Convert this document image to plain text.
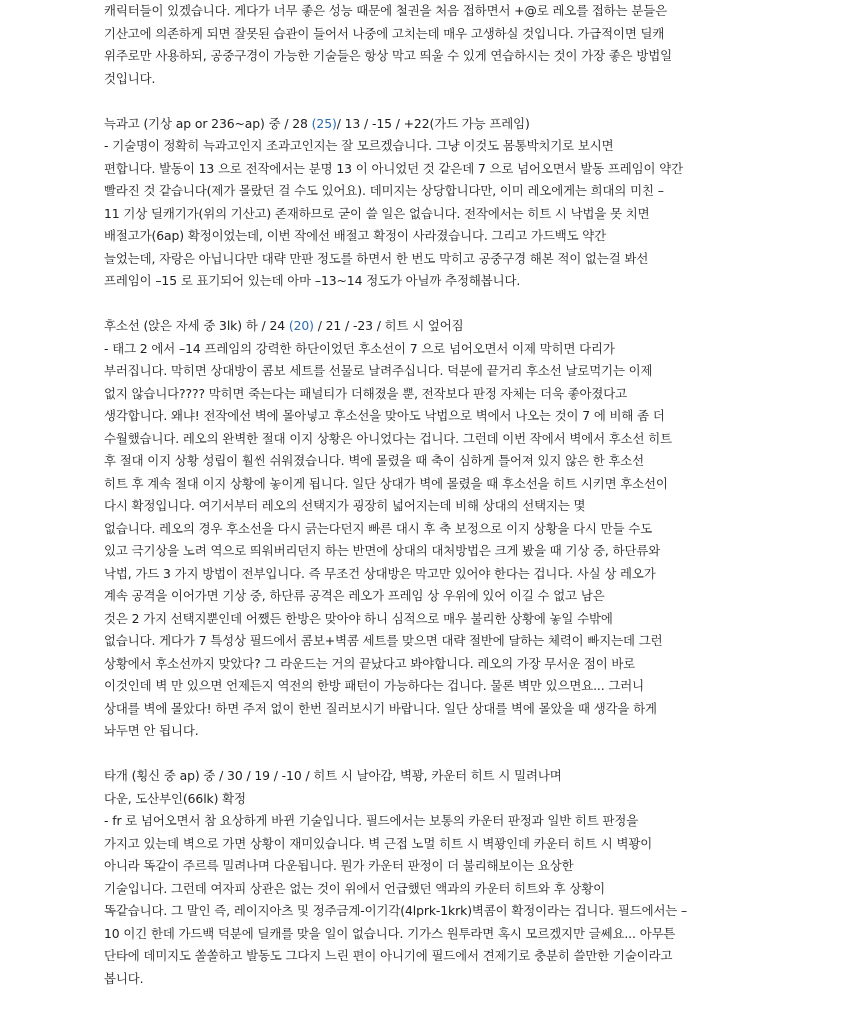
캐릭터들이 있겠습니다. 게다가 너무 좋은 성능 때문에 철권을 처음 접하면서 +@로 레오를 접하는 분들은
기산고에 의존하게 되면 잘못된 습관이 들어서 나중에 고치는데 매우 고생하실 것입니다. 가급적이면 딜캐
위주로만 사용하되, 공중구경이 가능한 기술들은 항상 막고 띄울 수 있게 연습하시는 것이 가장 좋은 방법일
것입니다.
늑과고 (기상 ap or 236~ap) 중 / 28 (25)/ 13 / -15 / +22(가드 가능 프레임)
- 기술명이 정확히 늑과고인지 조과고인지는 잘 모르겠습니다. 그냥 이것도 몸통박치기로 보시면
편합니다. 발동이 13 으로 전작에서는 분명 13 이 아니었던 것 같은데 7 으로 넘어오면서 발동 프레임이 약간
빨라진 것 같습니다(제가 몰랐던 걸 수도 있어요). 데미지는 상당합니다만, 이미 레오에게는 희대의 미친 –
11 기상 딜캐기가(위의 기산고) 존재하므로 굳이 쓸 일은 없습니다. 전작에서는 히트 시 낙법을 못 치면
배절고가(6ap) 확정이었는데, 이번 작에선 배절고 확정이 사라졌습니다. 그리고 가드백도 약간
늘었는데, 자랑은 아닙니다만 대략 만판 정도를 하면서 한 번도 막히고 공중구경 해본 적이 없는걸 봐선
프레임이 –15 로 표기되어 있는데 아마 –13~14 정도가 아닐까 추정해봅니다.
후소선 (앉은 자세 중 3lk) 하 / 24 (20) / 21 / -23 / 히트 시 엎어짐
- 태그 2 에서 –14 프레임의 강력한 하단이었던 후소선이 7 으로 넘어오면서 이제 막히면 다리가
부러집니다. 막히면 상대방이 콤보 세트를 선물로 날려주십니다. 덕분에 끝거리 후소선 날로먹기는 이제
없지 않습니다???? 막히면 죽는다는 패널티가 더해졌을 뿐, 전작보다 판정 자체는 더욱 좋아졌다고
생각합니다. 왜냐! 전작에선 벽에 몰아넣고 후소선을 맞아도 낙법으로 벽에서 나오는 것이 7 에 비해 좀 더
수월했습니다. 레오의 완벽한 절대 이지 상황은 아니었다는 겁니다. 그런데 이번 작에서 벽에서 후소선 히트
후 절대 이지 상황 성립이 훨씬 쉬워졌습니다. 벽에 몰렸을 때 축이 심하게 틀어져 있지 않은 한 후소선
히트 후 계속 절대 이지 상황에 놓이게 됩니다. 일단 상대가 벽에 몰렸을 때 후소선을 히트 시키면 후소선이
다시 확정입니다. 여기서부터 레오의 선택지가 굉장히 넓어지는데 비해 상대의 선택지는 몇
없습니다. 레오의 경우 후소선을 다시 긁는다던지 빠른 대시 후 축 보정으로 이지 상황을 다시 만들 수도
있고 극기상을 노려 역으로 띄워버리던지 하는 반면에 상대의 대처방법은 크게 봤을 때 기상 중, 하단류와
낙법, 가드 3 가지 방법이 전부입니다. 즉 무조건 상대방은 막고만 있어야 한다는 겁니다. 사실 상 레오가
계속 공격을 이어가면 기상 중, 하단류 공격은 레오가 프레임 상 우위에 있어 이길 수 없고 남은
것은 2 가지 선택지뿐인데 어쨌든 한방은 맞아야 하니 심적으로 매우 불리한 상황에 놓일 수밖에
없습니다. 게다가 7 특성상 필드에서 콤보+벽콤 세트를 맞으면 대략 절반에 달하는 체력이 빠지는데 그런
상황에서 후소선까지 맞았다? 그 라운드는 거의 끝났다고 봐야합니다. 레오의 가장 무서운 점이 바로
이것인데 벽 만 있으면 언제든지 역전의 한방 패턴이 가능하다는 겁니다. 물론 벽만 있으면요... 그러니
상대를 벽에 몰았다! 하면 주저 없이 한번 질러보시기 바랍니다. 일단 상대를 벽에 몰았을 때 생각을 하게
놔두면 안 됩니다.
타개 (횡신 중 ap) 중 / 30 / 19 / -10 / 히트 시 날아감, 벽꽝, 카운터 히트 시 밀려나며
다운, 도산부인(66lk) 확정
- fr 로 넘어오면서 참 요상하게 바뀐 기술입니다. 필드에서는 보통의 카운터 판정과 일반 히트 판정을
가지고 있는데 벽으로 가면 상황이 재미있습니다. 벽 근접 노멀 히트 시 벽꽝인데 카운터 히트 시 벽꽝이
아니라 똑같이 주르륵 밀려나며 다운됩니다. 뭔가 카운터 판정이 더 불리해보이는 요상한
기술입니다. 그런데 여자피 상관은 없는 것이 위에서 언급했던 액과의 카운터 히트와 후 상황이
똑같습니다. 그 말인 즉, 레이지아츠 및 정주금계-이기각(4lprk-1krk)벽콤이 확정이라는 겁니다. 필드에서는 –
10 이긴 한데 가드백 덕분에 딜캐를 맞을 일이 없습니다. 기가스 원투라면 혹시 모르겠지만 글쎄요... 아무튼
단타에 데미지도 쏠쏠하고 발동도 그다지 느린 편이 아니기에 필드에서 견제기로 충분히 쓸만한 기술이라고
봅니다.
